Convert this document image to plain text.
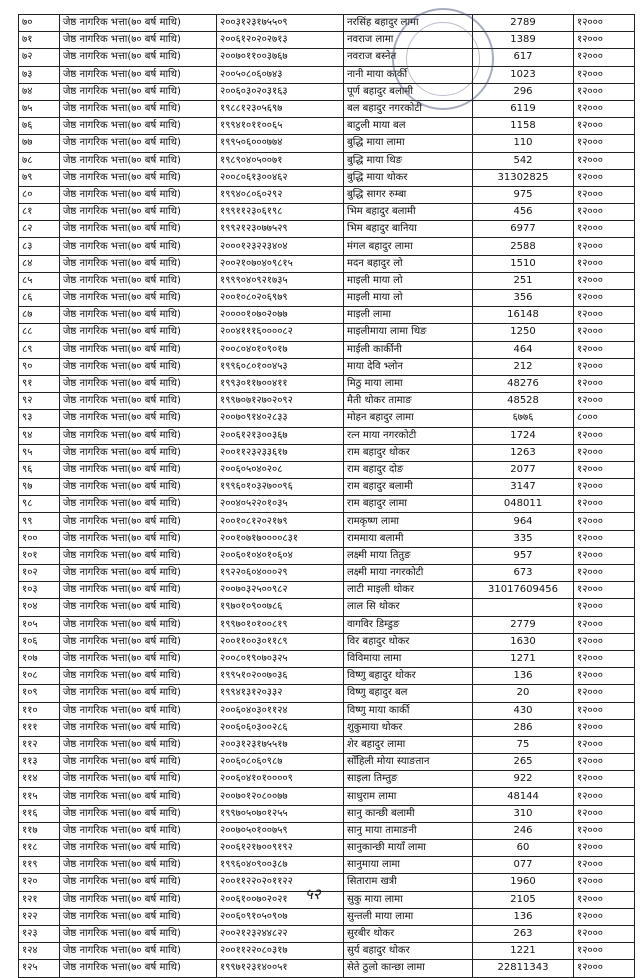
७०	जेष्ठ नागरिक भत्ता(७० बर्ष माथि)	२००३१२३१७५५०९	नरसिंह बहादुर लामा	2789	१२०००
७१	जेष्ठ नागरिक भत्ता(७० बर्ष माथि)	२००६१२०२०२७१३	नवराज लामा	1389	१२०००
७२	जेष्ठ नागरिक भत्ता(७० बर्ष माथि)	२००७०११००३७६७	नवराज बस्नेत	617	१२०००
७३	जेष्ठ नागरिक भत्ता(७० बर्ष माथि)	२००५०८०६०७४३	नानी माया कार्की	1023	१२०००
७४	जेष्ठ नागरिक भत्ता(७० बर्ष माथि)	२००६०३०२०३१६३	पूर्ण बहादुर बलामी	296	१२०००
७५	जेष्ठ नागरिक भत्ता(७० बर्ष माथि)	१९८८१२३०५६९७	बल बहादुर नगरकोटी	6119	१२०००
७६	जेष्ठ नागरिक भत्ता(७० बर्ष माथि)	१९९४१०११००६५	बाटुली माया बल	1158	१२०००
७७	जेष्ठ नागरिक भत्ता(७० बर्ष माथि)	१९९५०६०००७७४	बुद्धि माया लामा	110	१२०००
७८	जेष्ठ नागरिक भत्ता(७० बर्ष माथि)	१९८९०४०५००७१	बुद्धि माया थिङ	542	१२०००
७९	जेष्ठ नागरिक भत्ता(७० बर्ष माथि)	२००८०६१३००४६२	बुद्धि माया थोकर	31302825	१२०००
८०	जेष्ठ नागरिक भत्ता(७० बर्ष माथि)	१९९४०८०६०२९२	बुद्धि सागर रुम्बा	975	१२०००
८१	जेष्ठ नागरिक भत्ता(७० बर्ष माथि)	१९९११२३०६१९८	भिम बहादुर बलामी	456	१२०००
८२	जेष्ठ नागरिक भत्ता(७० बर्ष माथि)	१९९२१२३०७७५२९	भिम बहादुर बानिया	6977	१२०००
८३	जेष्ठ नागरिक भत्ता(७० बर्ष माथि)	२०००१२३२२३४०४	मंगल बहादुर लामा	2588	१२०००
८४	जेष्ठ नागरिक भत्ता(७० बर्ष माथि)	२००२१०७०४०९८१५	मदन बहादुर लो	1510	१२०००
८५	जेष्ठ नागरिक भत्ता(७० बर्ष माथि)	१९९९०४०९२१७३५	माइली माया लो	251	१२०००
८६	जेष्ठ नागरिक भत्ता(७० बर्ष माथि)	२००१०८०२०६९७९	माइली माया लो	356	१२०००
८७	जेष्ठ नागरिक भत्ता(७० बर्ष माथि)	२००००१०७०२०७७	माइली लामा	16148	१२०००
८८	जेष्ठ नागरिक भत्ता(७० बर्ष माथि)	२००४१११६००००८२	माइलीमाया लामा थिङ	1250	१२०००
८९	जेष्ठ नागरिक भत्ता(७० बर्ष माथि)	२००८०४०१०९०१७	माईली कार्कीनी	464	१२०००
९०	जेष्ठ नागरिक भत्ता(७० बर्ष माथि)	१९९६०८०१००४५३	माया देवि भ्लोन	212	१२०००
९१	जेष्ठ नागरिक भत्ता(७० बर्ष माथि)	१९९३०११७००४११	मिठु माया लामा	48276	१२०००
९२	जेष्ठ नागरिक भत्ता(७० बर्ष माथि)	१९९७०७१२७०२०९२	मैती थोकर तामाङ	48528	१२०००
९३	जेष्ठ नागरिक भत्ता(७० बर्ष माथि)	२००७०९१४०२८३३	मोहन बहादुर लामा	६७७६	८०००
९४	जेष्ठ नागरिक भत्ता(७० बर्ष माथि)	२००६१२१३००३६७	रत्न माया नगरकोटी	1724	१२०००
९५	जेष्ठ नागरिक भत्ता(७० बर्ष माथि)	२००११२३२३३६१७	राम बहादुर थोकर	1263	१२०००
९६	जेष्ठ नागरिक भत्ता(७० बर्ष माथि)	२००६०५०४०२०८	राम बहादुर दोङ	2077	१२०००
९७	जेष्ठ नागरिक भत्ता(७० बर्ष माथि)	१९९६०१०३२७००९६	राम बहादुर बलामी	3147	१२०००
९८	जेष्ठ नागरिक भत्ता(७० बर्ष माथि)	२००४०५२२०१०३५	राम बहादुर लामा	048011	१२०००
९९	जेष्ठ नागरिक भत्ता(७० बर्ष माथि)	२००१०८१२०२१७९	रामकृष्ण लामा	964	१२०००
१००	जेष्ठ नागरिक भत्ता(७० बर्ष माथि)	२००१०७१७००००८३१	राममाया बलामी	335	१२०००
१०१	जेष्ठ नागरिक भत्ता(७० बर्ष माथि)	२००६०१०४०१०६०४	लक्ष्मी माया तितुङ	957	१२०००
१०२	जेष्ठ नागरिक भत्ता(७० बर्ष माथि)	१९२२०६०४०००२९	लक्ष्मी माया नगरकोटी	673	१२०००
१०३	जेष्ठ नागरिक भत्ता(७० बर्ष माथि)	२००७०३२५००९८२	लाटी माइली थोकर	31017609456	१२०००
१०४	जेष्ठ नागरिक भत्ता(७० बर्ष माथि)	१९७०१०९००७८६	लाल सि थोकर		१२०००
१०५	जेष्ठ नागरिक भत्ता(७० बर्ष माथि)	१९९७०१०१००८१९	वागविर डिम्डुङ	2779	१२०००
१०६	जेष्ठ नागरिक भत्ता(७० बर्ष माथि)	२००११००३०११८९	विर बहादुर थोकर	1630	१२०००
१०७	जेष्ठ नागरिक भत्ता(७० बर्ष माथि)	२००८०१९०७०३२५	विविमाया लामा	1271	१२०००
१०८	जेष्ठ नागरिक भत्ता(७० बर्ष माथि)	१९९५१०२००७०३६	विष्णु बहादुर थोकर	136	१२०००
१०९	जेष्ठ नागरिक भत्ता(७० बर्ष माथि)	१९९४१३१२०३३२	विष्णु बहादुर बल	20	१२०००
११०	जेष्ठ नागरिक भत्ता(७० बर्ष माथि)	२००६०४०३०११२४	विष्णु माया कार्की	430	१२०००
१११	जेष्ठ नागरिक भत्ता(७० बर्ष माथि)	२००६०६०३००२८६	शुकुमाया थोकर	286	१२०००
११२	जेष्ठ नागरिक भत्ता(७० बर्ष माथि)	२००३१२३१७५५१७	शेर बहादुर लामा	75	१२०००
११३	जेष्ठ नागरिक भत्ता(७० बर्ष माथि)	२००६०८०६०९८७	सोँहिली मोया स्याङतान	265	१२०००
११४	जेष्ठ नागरिक भत्ता(७० बर्ष माथि)	२००६०४१०१००००९	साइला तिम्तुङ	922	१२०००
११५	जेष्ठ नागरिक भत्ता(७० बर्ष माथि)	२००७०१२०८००७७	साधुराम लामा	48144	१२०००
११६	जेष्ठ नागरिक भत्ता(७० बर्ष माथि)	१९९७०५०७०१२५५	सानु कान्छी बलामी	310	१२०००
११७	जेष्ठ नागरिक भत्ता(७० बर्ष माथि)	२००७०५०१००७५९	सानु माया तामाङनी	246	१२०००
११८	जेष्ठ नागरिक भत्ता(७० बर्ष माथि)	२००६१२१७००९१९२	सानुकान्छी मायाँ लामा	60	१२०००
११९	जेष्ठ नागरिक भत्ता(७० बर्ष माथि)	१९९६०४०९००३८७	सानुमाया लामा	077	१२०००
१२०	जेष्ठ नागरिक भत्ता(७० बर्ष माथि)	२००११२२०२०११२२	सिताराम खत्री	1960	१२०००
१२१	जेष्ठ नागरिक भत्ता(७० बर्ष माथि)	२००६१००७०२०२१	सुकु माया लामा	2105	१२०००
१२२	जेष्ठ नागरिक भत्ता(७० बर्ष माथि)	२००६०९१०५०९०७	सुन्तली माया लामा	136	१२०००
१२३	जेष्ठ नागरिक भत्ता(७० बर्ष माथि)	२००२१२३२४४८२२	सुरबीर थोकर	263	१२०००
१२४	जेष्ठ नागरिक भत्ता(७० बर्ष माथि)	२००११२२०८०३१७	सुर्य बहादुर थोकर	1221	१२०००
१२५	जेष्ठ नागरिक भत्ता(७० बर्ष माथि)	१९९७१२३१४००५१	सेते ठुलो कान्छा लामा	22811343	१२०००
५२
